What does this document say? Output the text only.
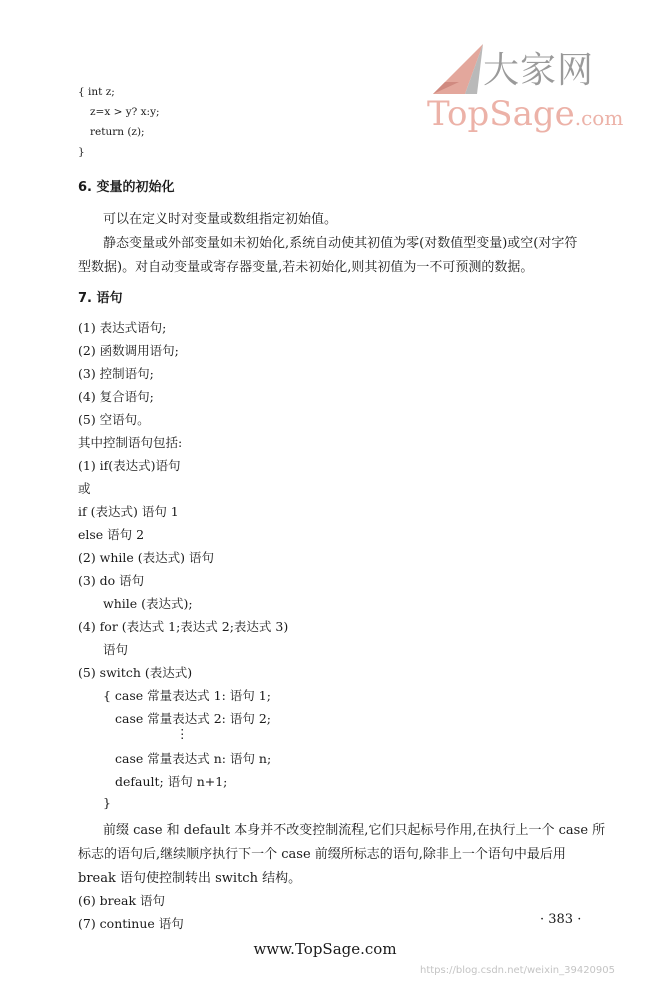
大家网
TopSage.com
{ int z;
z=x > y? x:y;
return (z);
}
6. 变量的初始化
可以在定义时对变量或数组指定初始值。
静态变量或外部变量如未初始化,系统自动使其初值为零(对数值型变量)或空(对字符
型数据)。对自动变量或寄存器变量,若未初始化,则其初值为一不可预测的数据。
7. 语句
(1) 表达式语句;
(2) 函数调用语句;
(3) 控制语句;
(4) 复合语句;
(5) 空语句。
其中控制语句包括:
(1) if(表达式)语句
或
if (表达式) 语句 1
else 语句 2
(2) while (表达式) 语句
(3) do 语句
while (表达式);
(4) for (表达式 1;表达式 2;表达式 3)
语句
(5) switch (表达式)
{ case 常量表达式 1: 语句 1;
case 常量表达式 2: 语句 2;
⋮
case 常量表达式 n: 语句 n;
default; 语句 n+1;
}
前缀 case 和 default 本身并不改变控制流程,它们只起标号作用,在执行上一个 case 所
标志的语句后,继续顺序执行下一个 case 前缀所标志的语句,除非上一个语句中最后用
break 语句使控制转出 switch 结构。
(6) break 语句
(7) continue 语句	· 383 ·
www.TopSage.com
https://blog.csdn.net/weixin_39420905
